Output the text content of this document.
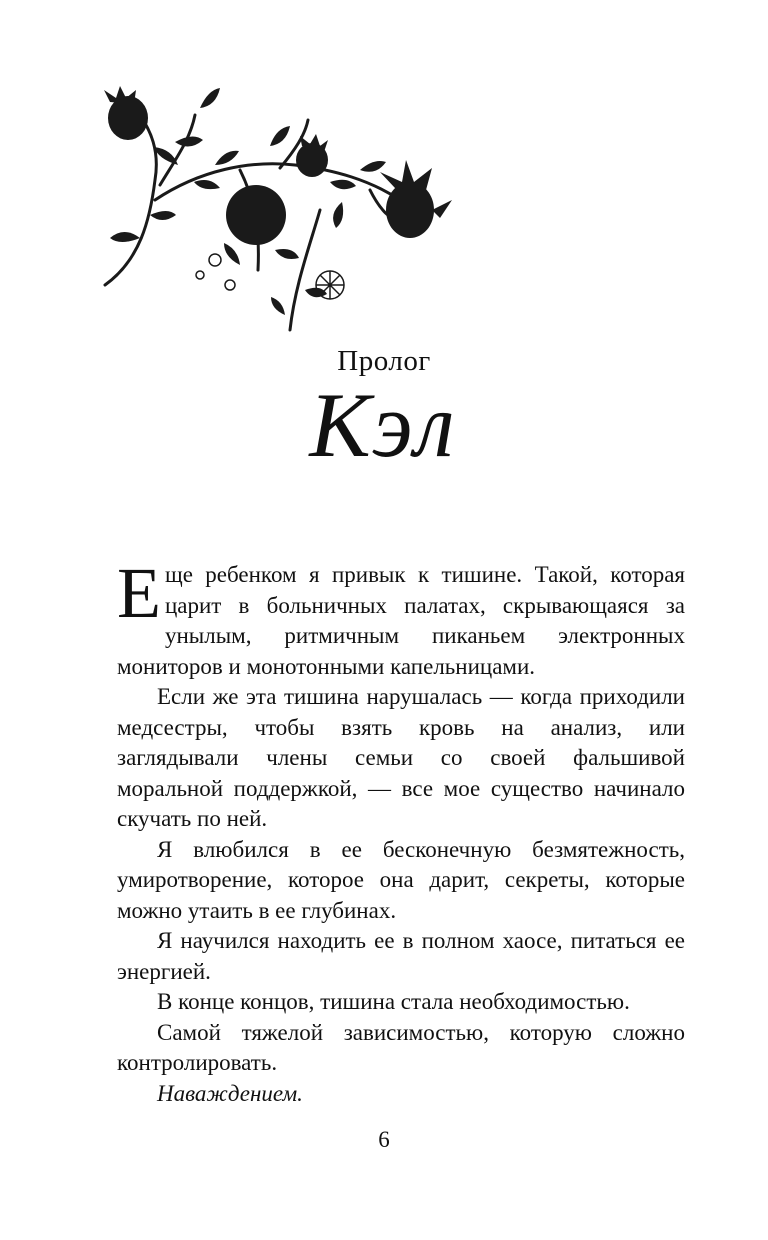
Пролог
Кэл

Еще ребенком я привык к тишине. Такой, которая царит в больничных палатах, скрывающаяся за унылым, ритмичным пиканьем электронных мониторов и монотонными капельницами.

Если же эта тишина нарушалась — когда приходили медсестры, чтобы взять кровь на анализ, или заглядывали члены семьи со своей фальшивой моральной поддержкой, — все мое существо начинало скучать по ней.

Я влюбился в ее бесконечную безмятежность, умиротворение, которое она дарит, секреты, которые можно утаить в ее глубинах.

Я научился находить ее в полном хаосе, питаться ее энергией.

В конце концов, тишина стала необходимостью.

Самой тяжелой зависимостью, которую сложно контролировать.

Наваждением.

6
